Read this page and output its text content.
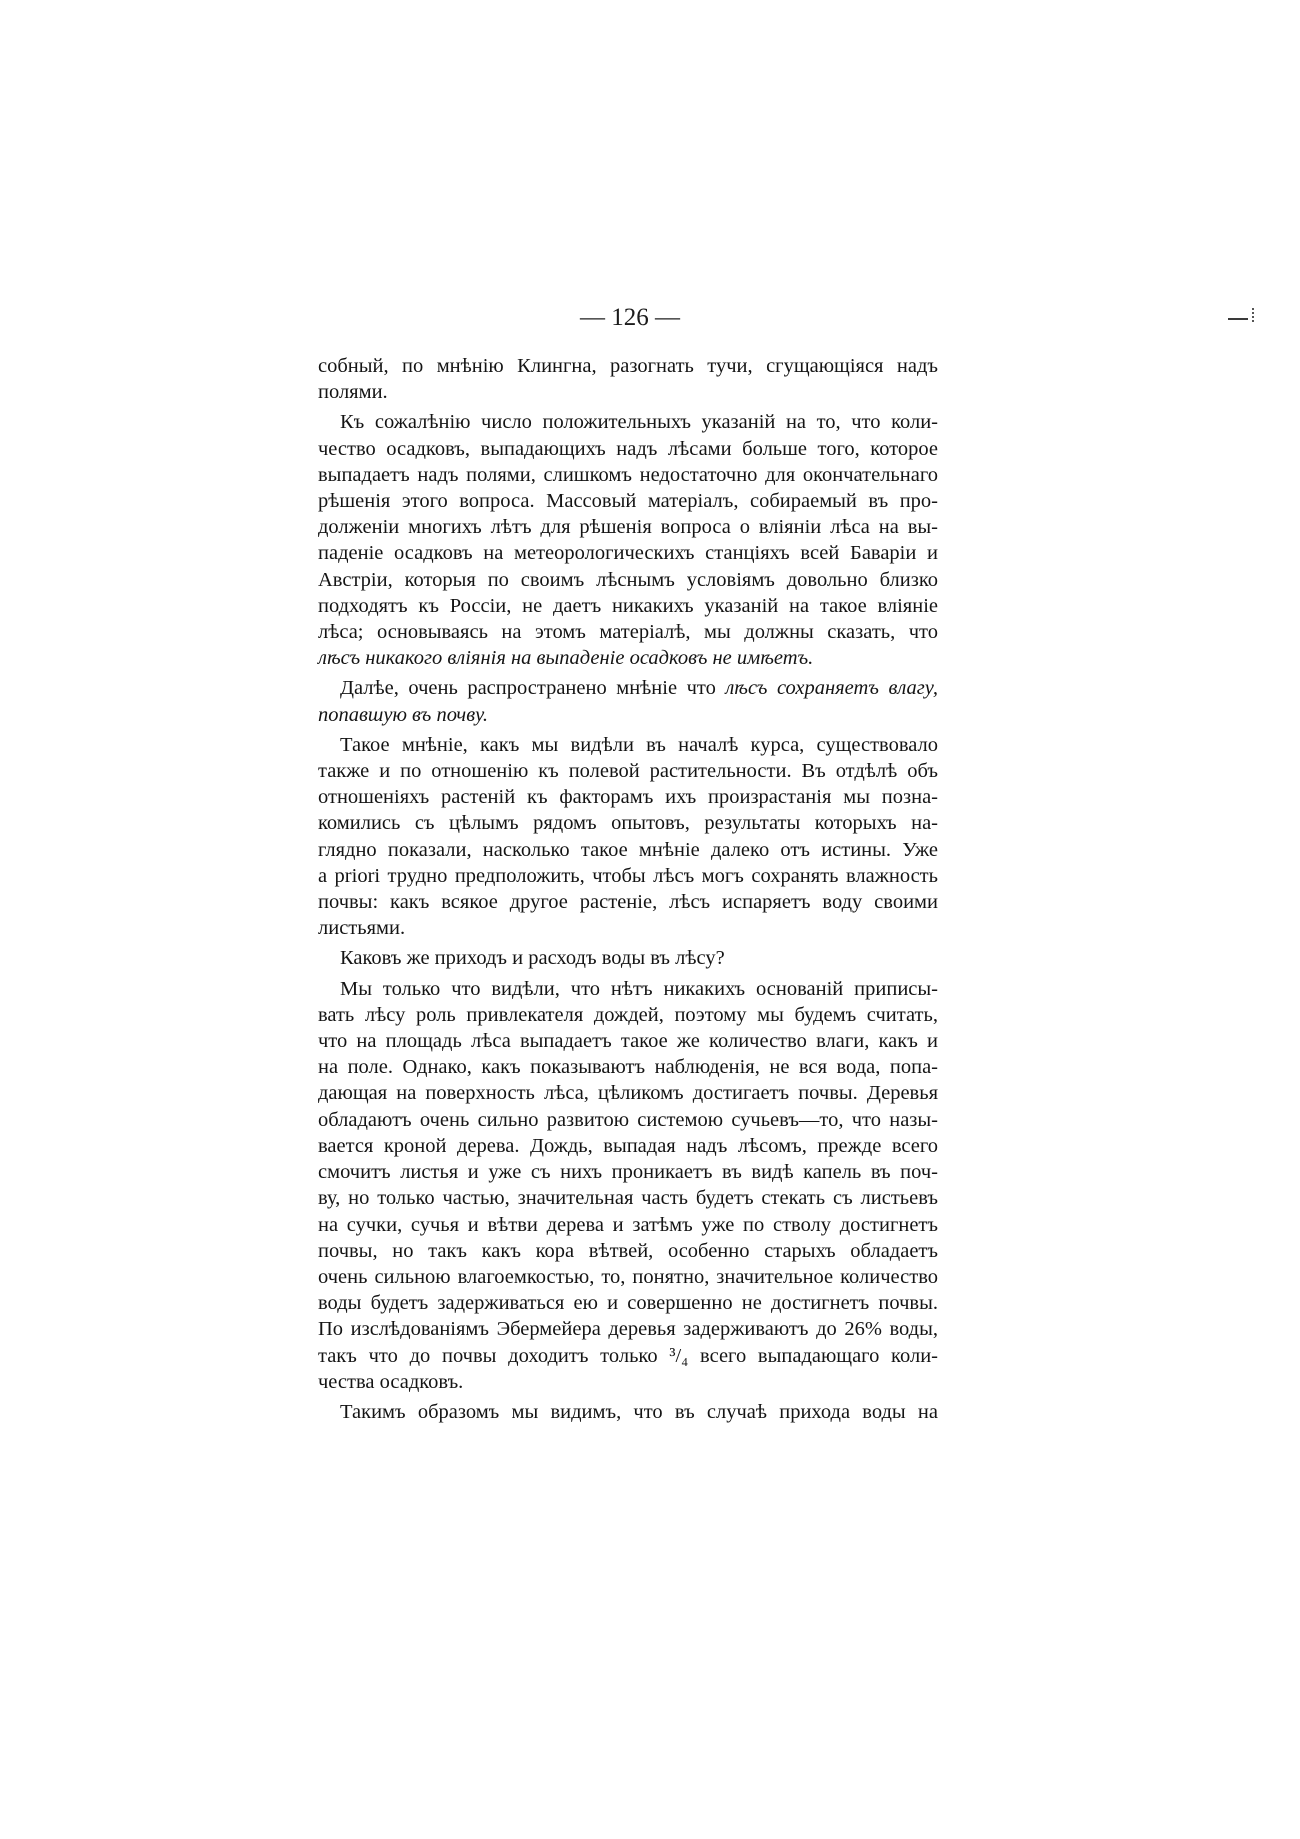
— 126 —
собный, по мнѣнію Клингна, разогнать тучи, сгущающіяся надъ
полями.
Къ сожалѣнію число положительныхъ указаній на то, что коли-
чество осадковъ, выпадающихъ надъ лѣсами больше того, которое
выпадаетъ надъ полями, слишкомъ недостаточно для окончательнаго
рѣшенія этого вопроса. Массовый матеріалъ, собираемый въ про-
долженіи многихъ лѣтъ для рѣшенія вопроса о вліяніи лѣса на вы-
паденіе осадковъ на метеорологическихъ станціяхъ всей Баваріи и
Австріи, которыя по своимъ лѣснымъ условіямъ довольно близко
подходятъ къ Россіи, не даетъ никакихъ указаній на такое вліяніе
лѣса; основываясь на этомъ матеріалѣ, мы должны сказать, что
лѣсъ никакого вліянія на выпаденіе осадковъ не имѣетъ.
Далѣе, очень распространено мнѣніе что лѣсъ сохраняетъ влагу,
попавшую въ почву.
Такое мнѣніе, какъ мы видѣли въ началѣ курса, существовало
также и по отношенію къ полевой растительности. Въ отдѣлѣ объ
отношеніяхъ растеній къ факторамъ ихъ произрастанія мы позна-
комились съ цѣлымъ рядомъ опытовъ, результаты которыхъ на-
глядно показали, насколько такое мнѣніе далеко отъ истины. Уже
a priori трудно предположить, чтобы лѣсъ могъ сохранять влажность
почвы: какъ всякое другое растеніе, лѣсъ испаряетъ воду своими
листьями.
Каковъ же приходъ и расходъ воды въ лѣсу?
Мы только что видѣли, что нѣтъ никакихъ основаній приписы-
вать лѣсу роль привлекателя дождей, поэтому мы будемъ считать,
что на площадь лѣса выпадаетъ такое же количество влаги, какъ и
на поле. Однако, какъ показываютъ наблюденія, не вся вода, попа-
дающая на поверхность лѣса, цѣликомъ достигаетъ почвы. Деревья
обладаютъ очень сильно развитою системою сучьевъ—то, что назы-
вается кроной дерева. Дождь, выпадая надъ лѣсомъ, прежде всего
смочитъ листья и уже съ нихъ проникаетъ въ видѣ капель въ поч-
ву, но только частью, значительная часть будетъ стекать съ листьевъ
на сучки, сучья и вѣтви дерева и затѣмъ уже по стволу достигнетъ
почвы, но такъ какъ кора вѣтвей, особенно старыхъ обладаетъ
очень сильною влагоемкостью, то, понятно, значительное количество
воды будетъ задерживаться ею и совершенно не достигнетъ почвы.
По изслѣдованіямъ Эбермейера деревья задерживаютъ до 26% воды,
такъ что до почвы доходитъ только ³/₄ всего выпадающаго коли-
чества осадковъ.
Такимъ образомъ мы видимъ, что въ случаѣ прихода воды на
